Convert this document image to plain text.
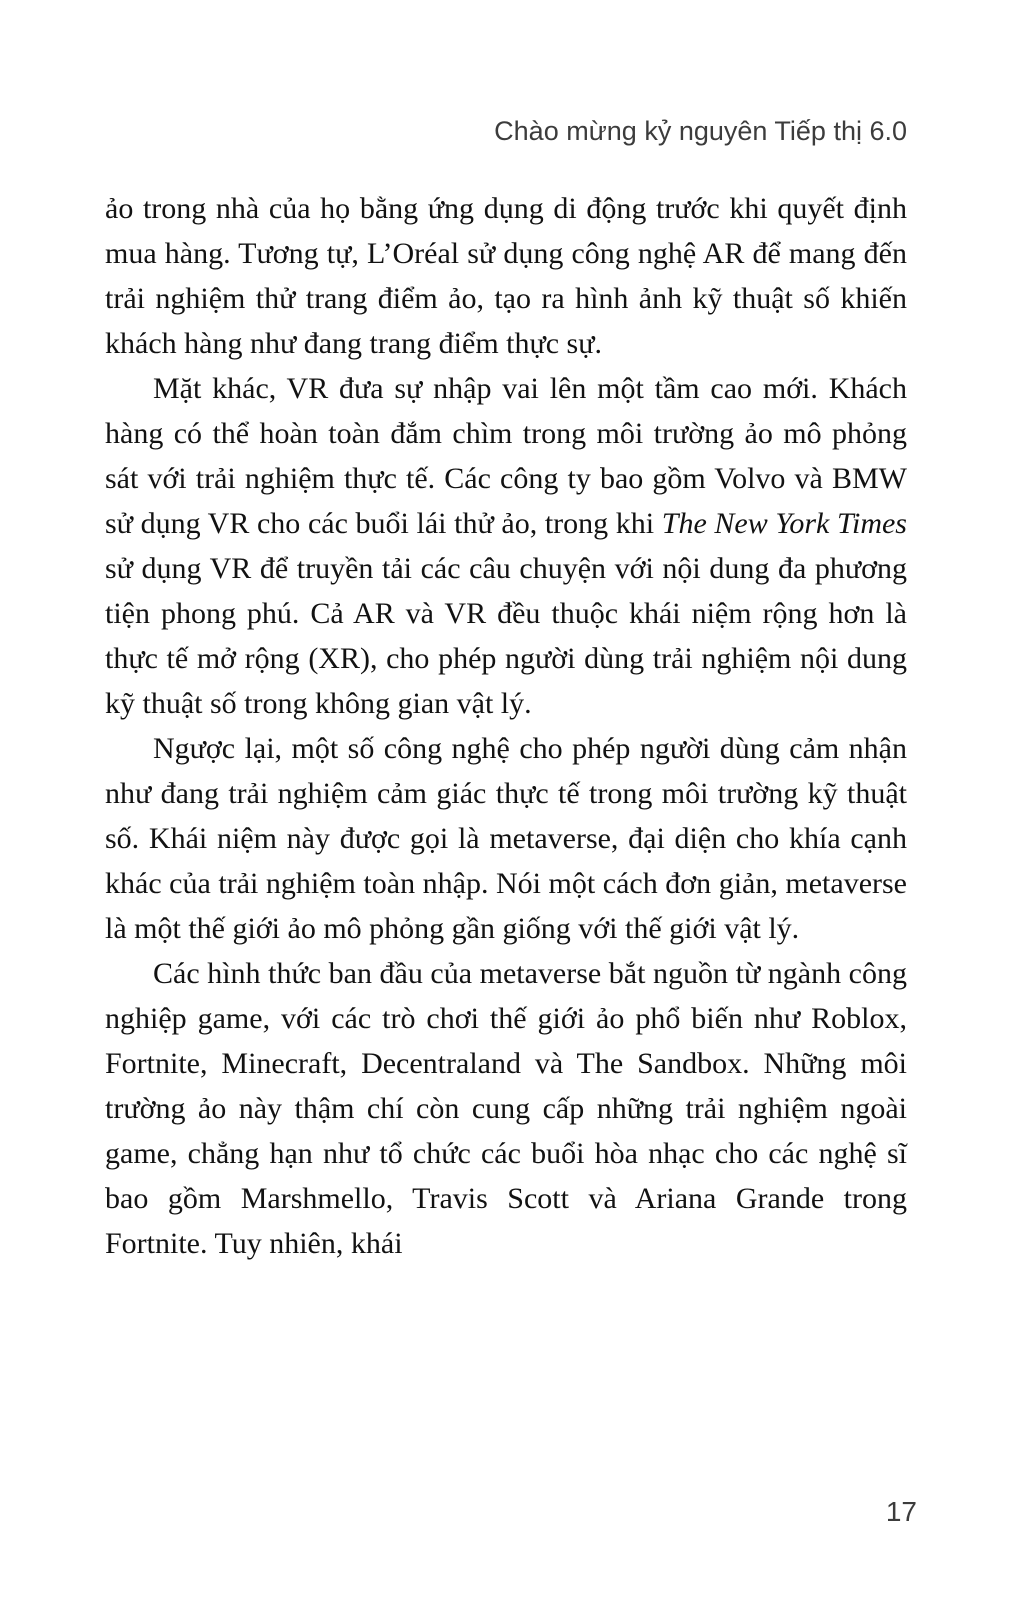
Chào mừng kỷ nguyên Tiếp thị 6.0

ảo trong nhà của họ bằng ứng dụng di động trước khi quyết định mua hàng. Tương tự, L’Oréal sử dụng công nghệ AR để mang đến trải nghiệm thử trang điểm ảo, tạo ra hình ảnh kỹ thuật số khiến khách hàng như đang trang điểm thực sự.

Mặt khác, VR đưa sự nhập vai lên một tầm cao mới. Khách hàng có thể hoàn toàn đắm chìm trong môi trường ảo mô phỏng sát với trải nghiệm thực tế. Các công ty bao gồm Volvo và BMW sử dụng VR cho các buổi lái thử ảo, trong khi The New York Times sử dụng VR để truyền tải các câu chuyện với nội dung đa phương tiện phong phú. Cả AR và VR đều thuộc khái niệm rộng hơn là thực tế mở rộng (XR), cho phép người dùng trải nghiệm nội dung kỹ thuật số trong không gian vật lý.

Ngược lại, một số công nghệ cho phép người dùng cảm nhận như đang trải nghiệm cảm giác thực tế trong môi trường kỹ thuật số. Khái niệm này được gọi là metaverse, đại diện cho khía cạnh khác của trải nghiệm toàn nhập. Nói một cách đơn giản, metaverse là một thế giới ảo mô phỏng gần giống với thế giới vật lý.

Các hình thức ban đầu của metaverse bắt nguồn từ ngành công nghiệp game, với các trò chơi thế giới ảo phổ biến như Roblox, Fortnite, Minecraft, Decentraland và The Sandbox. Những môi trường ảo này thậm chí còn cung cấp những trải nghiệm ngoài game, chẳng hạn như tổ chức các buổi hòa nhạc cho các nghệ sĩ bao gồm Marshmello, Travis Scott và Ariana Grande trong Fortnite. Tuy nhiên, khái

17
